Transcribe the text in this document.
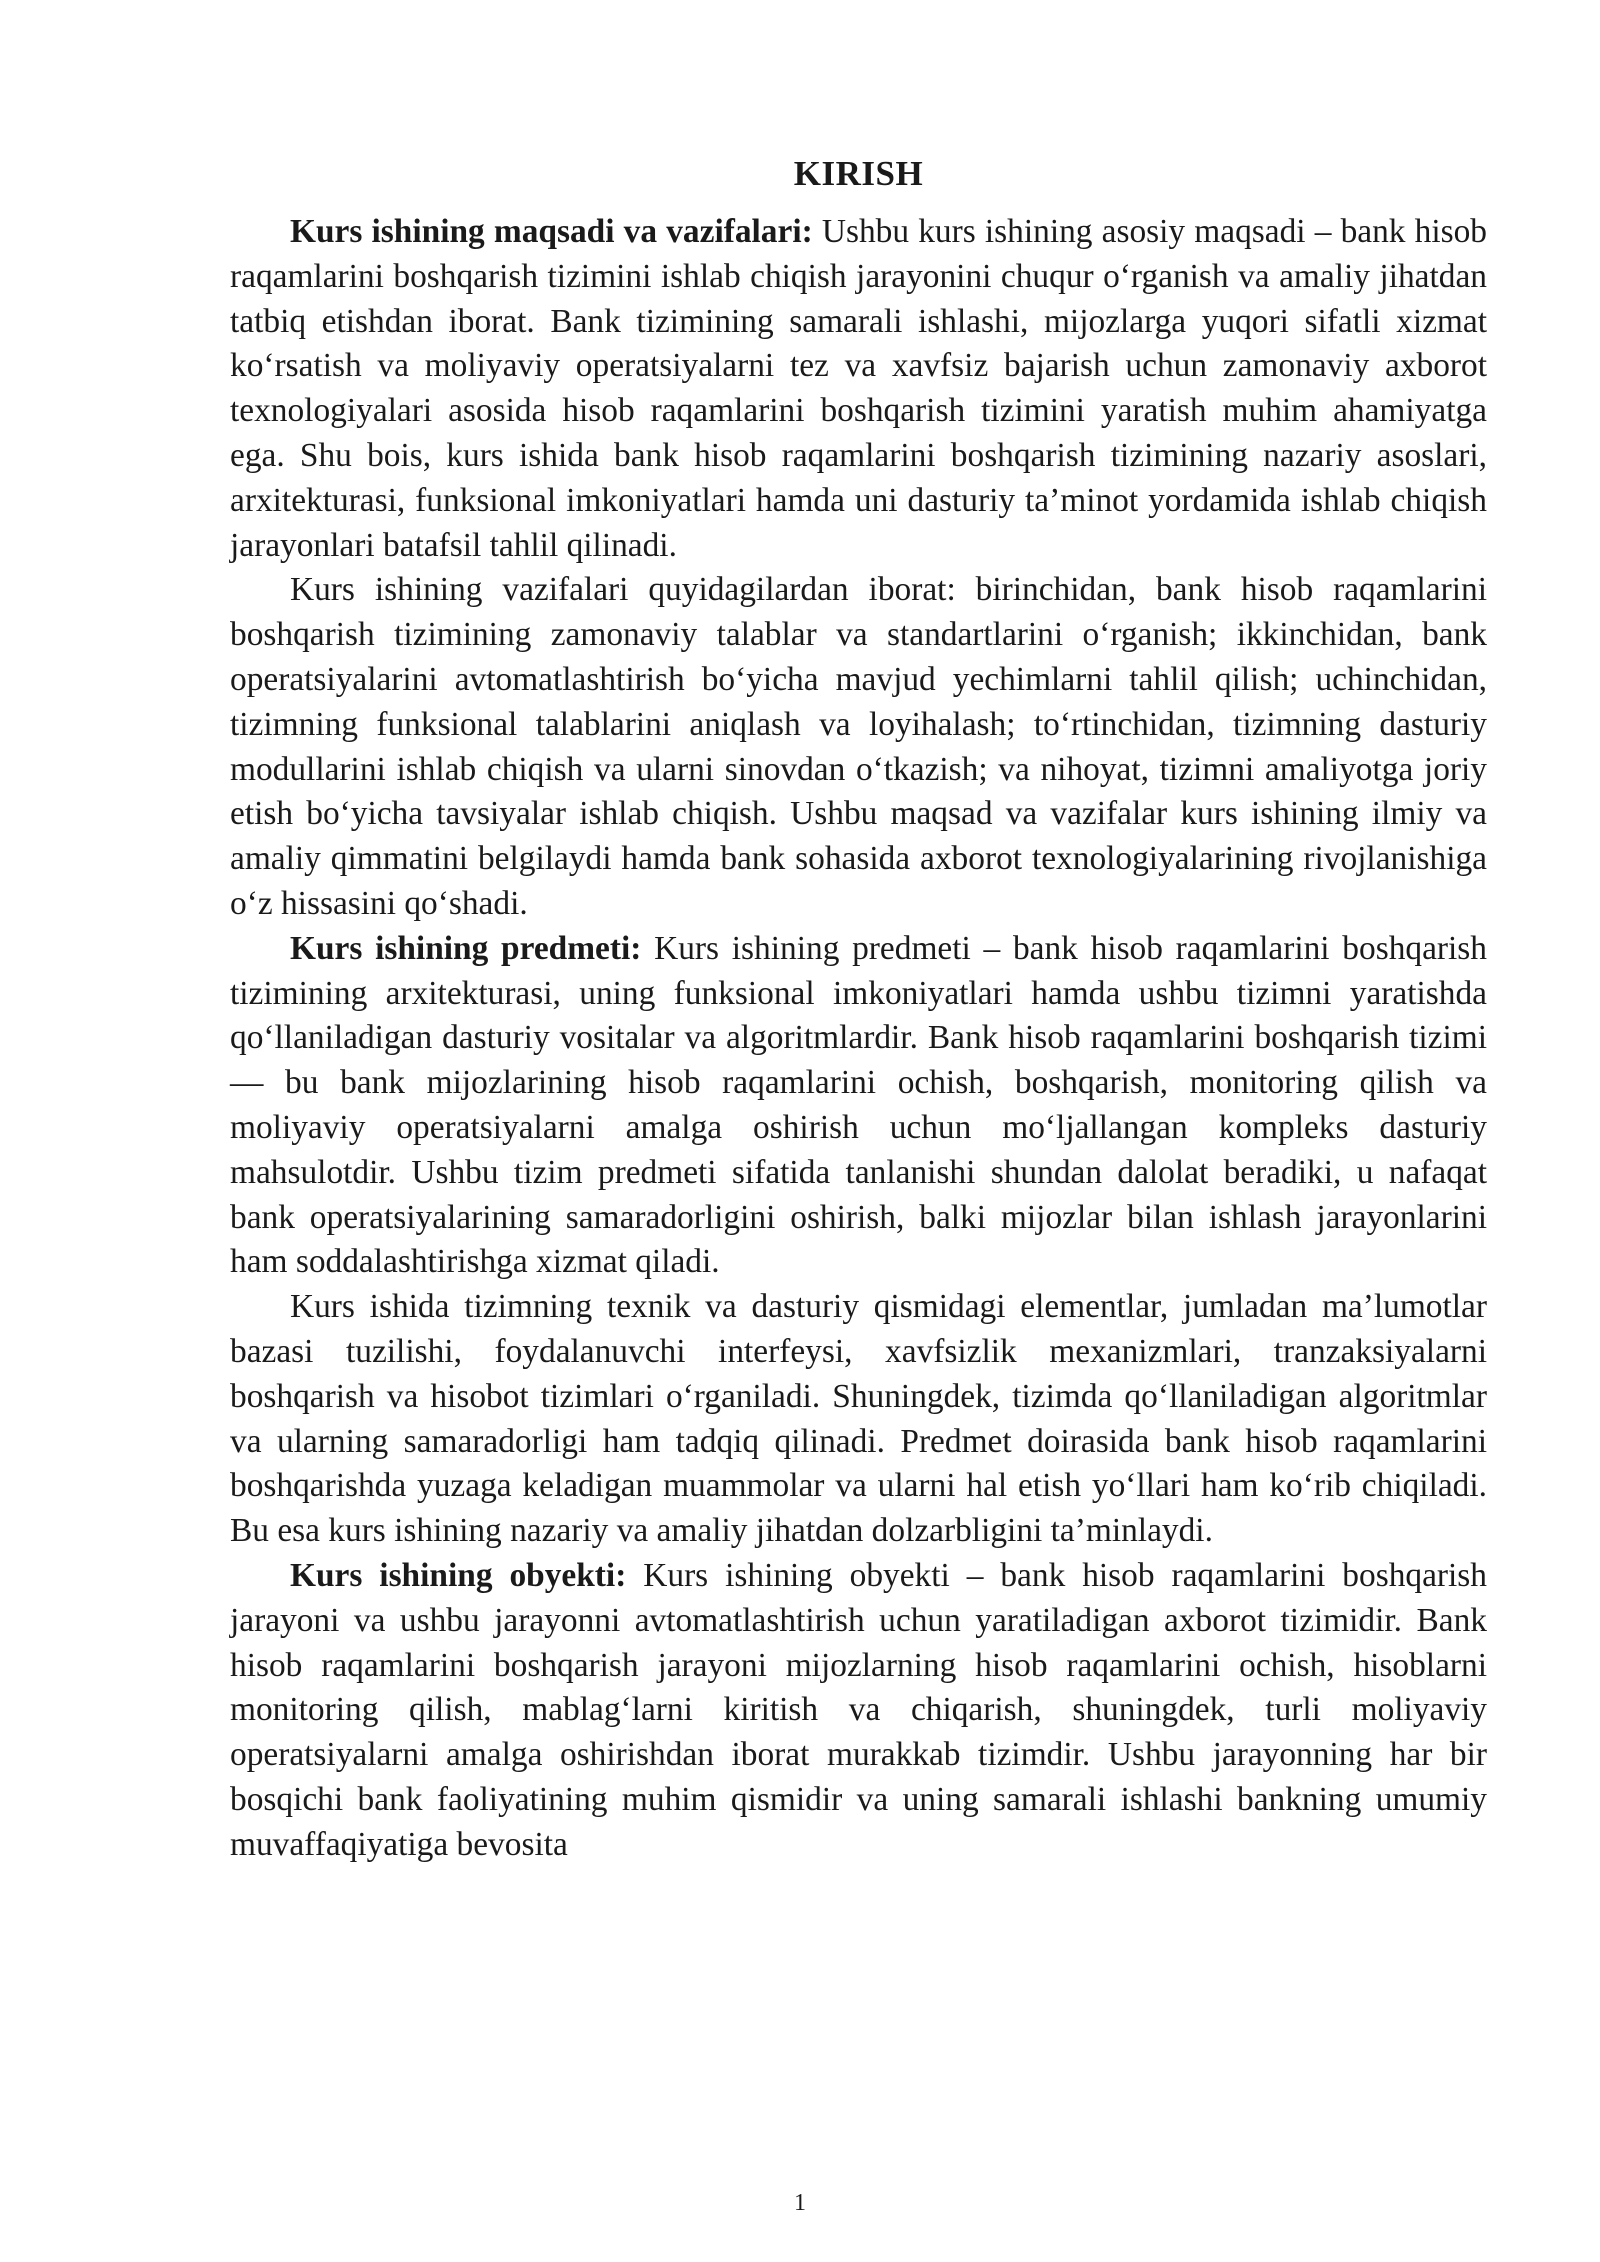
KIRISH

Kurs ishining maqsadi va vazifalari: Ushbu kurs ishining asosiy maqsadi – bank hisob raqamlarini boshqarish tizimini ishlab chiqish jarayonini chuqur o‘rganish va amaliy jihatdan tatbiq etishdan iborat. Bank tizimining samarali ishlashi, mijozlarga yuqori sifatli xizmat ko‘rsatish va moliyaviy operatsiyalarni tez va xavfsiz bajarish uchun zamonaviy axborot texnologiyalari asosida hisob raqamlarini boshqarish tizimini yaratish muhim ahamiyatga ega. Shu bois, kurs ishida bank hisob raqamlarini boshqarish tizimining nazariy asoslari, arxitekturasi, funksional imkoniyatlari hamda uni dasturiy ta’minot yordamida ishlab chiqish jarayonlari batafsil tahlil qilinadi.

Kurs ishining vazifalari quyidagilardan iborat: birinchidan, bank hisob raqamlarini boshqarish tizimining zamonaviy talablar va standartlarini o‘rganish; ikkinchidan, bank operatsiyalarini avtomatlashtirish bo‘yicha mavjud yechimlarni tahlil qilish; uchinchidan, tizimning funksional talablarini aniqlash va loyihalash; to‘rtinchidan, tizimning dasturiy modullarini ishlab chiqish va ularni sinovdan o‘tkazish; va nihoyat, tizimni amaliyotga joriy etish bo‘yicha tavsiyalar ishlab chiqish. Ushbu maqsad va vazifalar kurs ishining ilmiy va amaliy qimmatini belgilaydi hamda bank sohasida axborot texnologiyalarining rivojlanishiga o‘z hissasini qo‘shadi.

Kurs ishining predmeti: Kurs ishining predmeti – bank hisob raqamlarini boshqarish tizimining arxitekturasi, uning funksional imkoniyatlari hamda ushbu tizimni yaratishda qo‘llaniladigan dasturiy vositalar va algoritmlardir. Bank hisob raqamlarini boshqarish tizimi — bu bank mijozlarining hisob raqamlarini ochish, boshqarish, monitoring qilish va moliyaviy operatsiyalarni amalga oshirish uchun mo‘ljallangan kompleks dasturiy mahsulotdir. Ushbu tizim predmeti sifatida tanlanishi shundan dalolat beradiki, u nafaqat bank operatsiyalarining samaradorligini oshirish, balki mijozlar bilan ishlash jarayonlarini ham soddalashtirishga xizmat qiladi.

Kurs ishida tizimning texnik va dasturiy qismidagi elementlar, jumladan ma’lumotlar bazasi tuzilishi, foydalanuvchi interfeysi, xavfsizlik mexanizmlari, tranzaksiyalarni boshqarish va hisobot tizimlari o‘rganiladi. Shuningdek, tizimda qo‘llaniladigan algoritmlar va ularning samaradorligi ham tadqiq qilinadi. Predmet doirasida bank hisob raqamlarini boshqarishda yuzaga keladigan muammolar va ularni hal etish yo‘llari ham ko‘rib chiqiladi. Bu esa kurs ishining nazariy va amaliy jihatdan dolzarbligini ta’minlaydi.

Kurs ishining obyekti: Kurs ishining obyekti – bank hisob raqamlarini boshqarish jarayoni va ushbu jarayonni avtomatlashtirish uchun yaratiladigan axborot tizimidir. Bank hisob raqamlarini boshqarish jarayoni mijozlarning hisob raqamlarini ochish, hisoblarni monitoring qilish, mablag‘larni kiritish va chiqarish, shuningdek, turli moliyaviy operatsiyalarni amalga oshirishdan iborat murakkab tizimdir. Ushbu jarayonning har bir bosqichi bank faoliyatining muhim qismidir va uning samarali ishlashi bankning umumiy muvaffaqiyatiga bevosita

1
